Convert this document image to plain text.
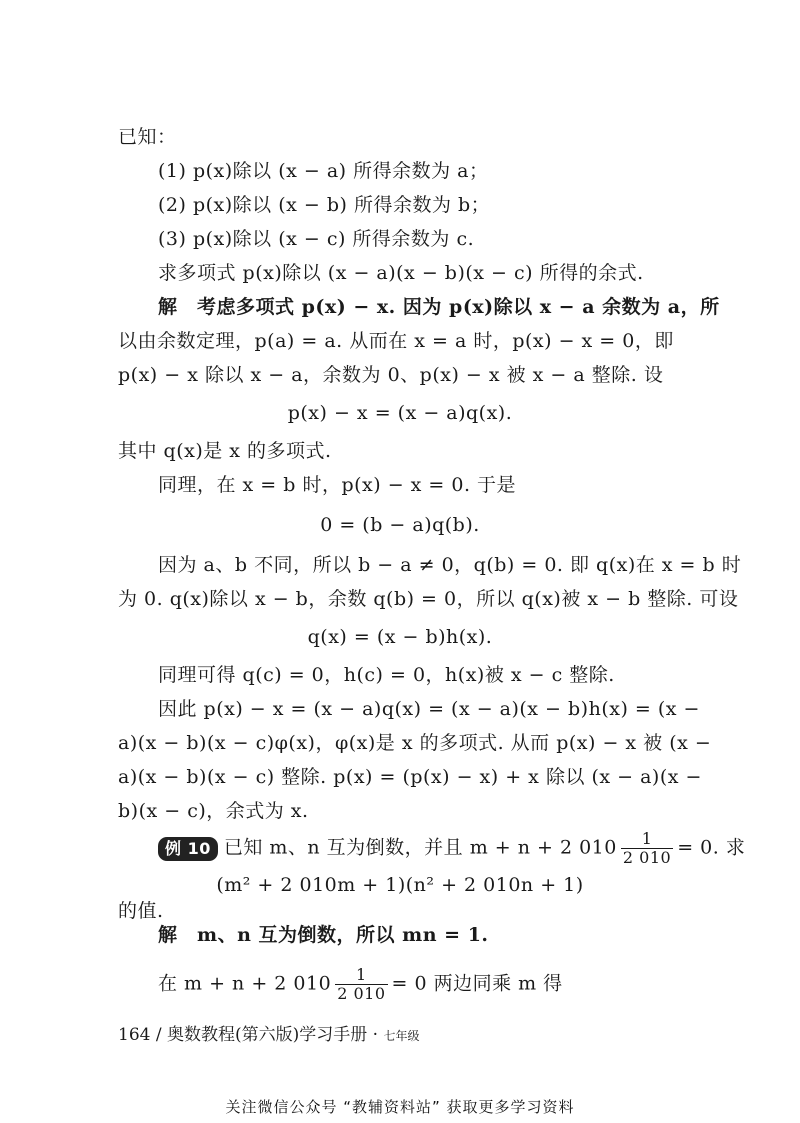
已知：
(1) p(x)除以 (x − a) 所得余数为 a；
(2) p(x)除以 (x − b) 所得余数为 b；
(3) p(x)除以 (x − c) 所得余数为 c.
求多项式 p(x)除以 (x − a)(x − b)(x − c) 所得的余式.
解　考虑多项式 p(x) − x. 因为 p(x)除以 x − a 余数为 a，所
以由余数定理，p(a) = a. 从而在 x = a 时，p(x) − x = 0，即
p(x) − x 除以 x − a，余数为 0、p(x) − x 被 x − a 整除. 设
p(x) − x = (x − a)q(x).
其中 q(x)是 x 的多项式.
同理，在 x = b 时，p(x) − x = 0. 于是
0 = (b − a)q(b).
因为 a、b 不同，所以 b − a ≠ 0，q(b) = 0. 即 q(x)在 x = b 时
为 0. q(x)除以 x − b，余数 q(b) = 0，所以 q(x)被 x − b 整除. 可设
q(x) = (x − b)h(x).
同理可得 q(c) = 0，h(c) = 0，h(x)被 x − c 整除.
因此 p(x) − x = (x − a)q(x) = (x − a)(x − b)h(x) = (x −
a)(x − b)(x − c)φ(x)，φ(x)是 x 的多项式. 从而 p(x) − x 被 (x −
a)(x − b)(x − c) 整除. p(x) = (p(x) − x) + x 除以 (x − a)(x −
b)(x − c)，余式为 x.
例 10 已知 m、n 互为倒数，并且 m + n + 2 $010 \frac{1}{2 010} = 0$. 求
(m² + 2 010m + 1)(n² + 2 010n + 1)
的值.
解　m、n 互为倒数，所以 mn = 1.
在 m + n + 2 $010 \frac{1}{2 010} = 0$ 两边同乘 m 得
164 / 奥数教程(第六版)学习手册 · 七年级
关注微信公众号 “教辅资料站” 获取更多学习资料
